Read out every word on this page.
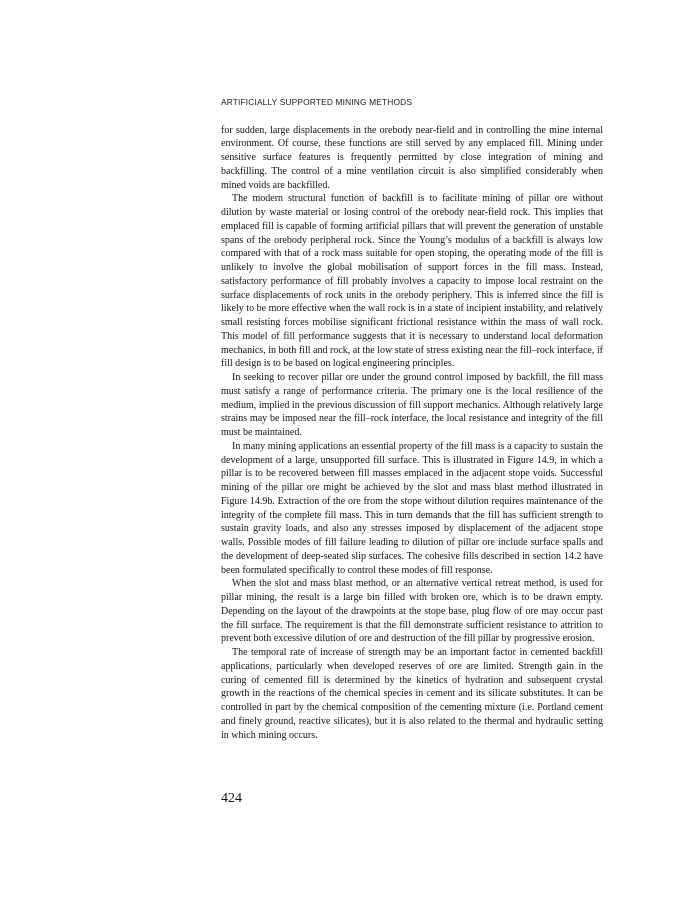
ARTIFICIALLY SUPPORTED MINING METHODS

for sudden, large displacements in the orebody near-field and in controlling the mine internal environment. Of course, these functions are still served by any emplaced fill. Mining under sensitive surface features is frequently permitted by close integration of mining and backfilling. The control of a mine ventilation circuit is also simplified considerably when mined voids are backfilled.

The modern structural function of backfill is to facilitate mining of pillar ore without dilution by waste material or losing control of the orebody near-field rock. This implies that emplaced fill is capable of forming artificial pillars that will prevent the generation of unstable spans of the orebody peripheral rock. Since the Young’s modulus of a backfill is always low compared with that of a rock mass suitable for open stoping, the operating mode of the fill is unlikely to involve the global mobilisation of support forces in the fill mass. Instead, satisfactory performance of fill probably involves a capacity to impose local restraint on the surface displacements of rock units in the orebody periphery. This is inferred since the fill is likely to be more effective when the wall rock is in a state of incipient instability, and relatively small resisting forces mobilise significant frictional resistance within the mass of wall rock. This model of fill performance suggests that it is necessary to understand local deformation mechanics, in both fill and rock, at the low state of stress existing near the fill–rock interface, if fill design is to be based on logical engineering principles.

In seeking to recover pillar ore under the ground control imposed by backfill, the fill mass must satisfy a range of performance criteria. The primary one is the local resilience of the medium, implied in the previous discussion of fill support mechanics. Although relatively large strains may be imposed near the fill–rock interface, the local resistance and integrity of the fill must be maintained.

In many mining applications an essential property of the fill mass is a capacity to sustain the development of a large, unsupported fill surface. This is illustrated in Figure 14.9, in which a pillar is to be recovered between fill masses emplaced in the adjacent stope voids. Successful mining of the pillar ore might be achieved by the slot and mass blast method illustrated in Figure 14.9b. Extraction of the ore from the stope without dilution requires maintenance of the integrity of the complete fill mass. This in turn demands that the fill has sufficient strength to sustain gravity loads, and also any stresses imposed by displacement of the adjacent stope walls. Possible modes of fill failure leading to dilution of pillar ore include surface spalls and the development of deep-seated slip surfaces. The cohesive fills described in section 14.2 have been formulated specifically to control these modes of fill response.

When the slot and mass blast method, or an alternative vertical retreat method, is used for pillar mining, the result is a large bin filled with broken ore, which is to be drawn empty. Depending on the layout of the drawpoints at the stope base, plug flow of ore may occur past the fill surface. The requirement is that the fill demonstrate sufficient resistance to attrition to prevent both excessive dilution of ore and destruction of the fill pillar by progressive erosion.

The temporal rate of increase of strength may be an important factor in cemented backfill applications, particularly when developed reserves of ore are limited. Strength gain in the curing of cemented fill is determined by the kinetics of hydration and subsequent crystal growth in the reactions of the chemical species in cement and its silicate substitutes. It can be controlled in part by the chemical composition of the cementing mixture (i.e. Portland cement and finely ground, reactive silicates), but it is also related to the thermal and hydraulic setting in which mining occurs.

424
